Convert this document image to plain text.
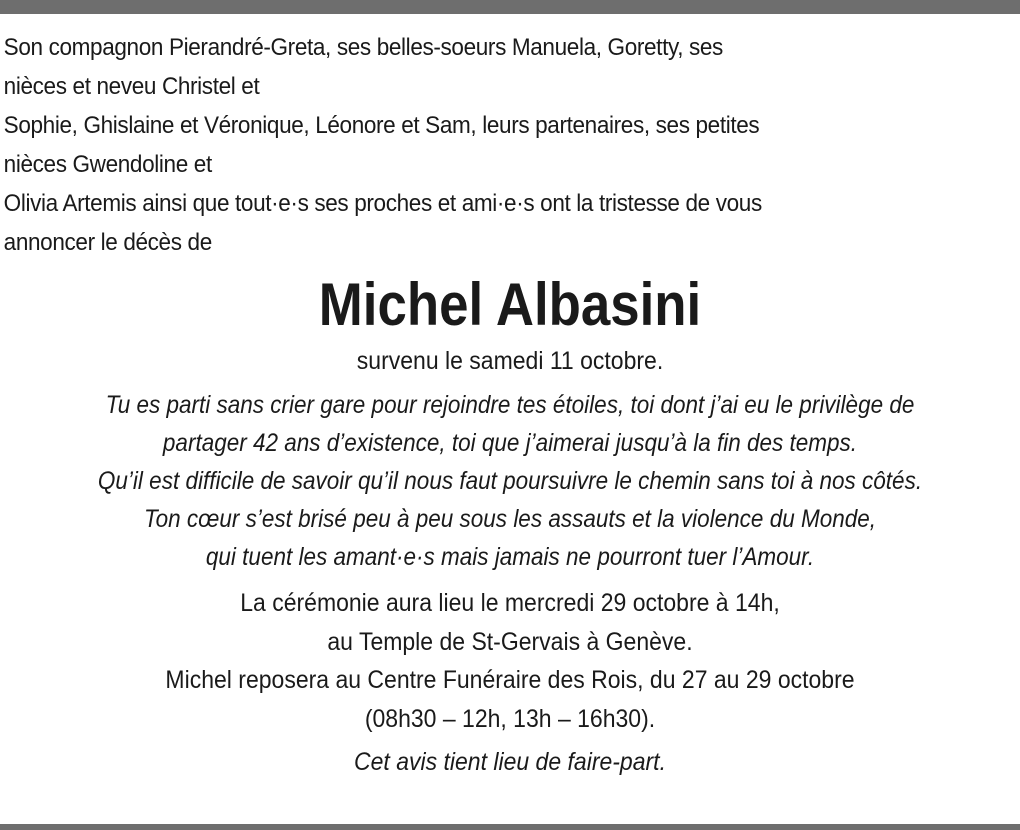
Son compagnon Pierandré-Greta, ses belles-soeurs Manuela, Goretty, ses
nièces et neveu Christel et
Sophie, Ghislaine et Véronique, Léonore et Sam, leurs partenaires, ses petites
nièces Gwendoline et
Olivia Artemis ainsi que tout·e·s ses proches et ami·e·s ont la tristesse de vous
annoncer le décès de

Michel Albasini
survenu le samedi 11 octobre.
Tu es parti sans crier gare pour rejoindre tes étoiles, toi dont j’ai eu le privilège de
partager 42 ans d’existence, toi que j’aimerai jusqu’à la fin des temps.
Qu’il est difficile de savoir qu’il nous faut poursuivre le chemin sans toi à nos côtés.
Ton cœur s’est brisé peu à peu sous les assauts et la violence du Monde,
qui tuent les amant·e·s mais jamais ne pourront tuer l’Amour.
La cérémonie aura lieu le mercredi 29 octobre à 14h,
au Temple de St-Gervais à Genève.
Michel reposera au Centre Funéraire des Rois, du 27 au 29 octobre
(08h30 – 12h, 13h – 16h30).
Cet avis tient lieu de faire-part.
